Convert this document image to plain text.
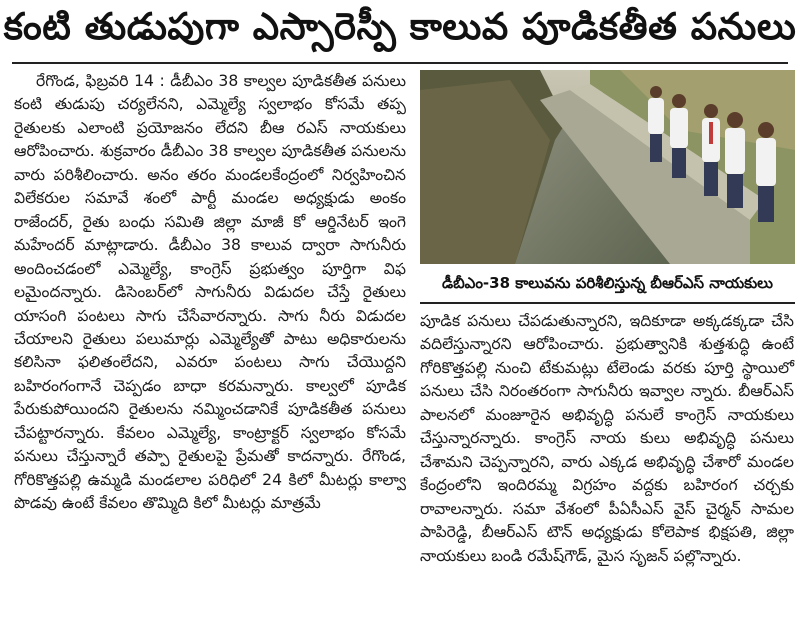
కంటి తుడుపుగా ఎస్సారెస్పీ కాలువ పూడికతీత పనులు

రేగొండ, ఫిబ్రవరి 14 : డీబీఎం 38 కాల్వల పూడికతీత పనులు కంటి తుడుపు చర్యలేనని, ఎమ్మెల్యే స్వలాభం కోసమే తప్ప రైతులకు ఎలాంటి ప్రయోజనం లేదని బీఆ రఎస్ నాయకులు ఆరోపించారు. శుక్రవారం డీబీఎం 38 కాల్వల పూడికతీత పనులను వారు పరిశీలించారు. అనం తరం మండలకేంద్రంలో నిర్వహించిన విలేకరుల సమావే శంలో పార్టీ మండల అధ్యక్షుడు అంకం రాజేందర్, రైతు బంధు సమితి జిల్లా మాజీ కో ఆర్డినేటర్ ఇంగె మహేందర్ మాట్లాడారు. డీబీఎం 38 కాలువ ద్వారా సాగునీరు అందించడంలో ఎమ్మెల్యే, కాంగ్రెస్ ప్రభుత్వం పూర్తిగా విఫ లమైందన్నారు. డిసెంబర్‌లో సాగునీరు విడుదల చేస్తే రైతులు యాసంగి పంటలు సాగు చేసేవారన్నారు. సాగు నీరు విడుదల చేయాలని రైతులు పలుమార్లు ఎమ్మెల్యేతో పాటు అధికారులను కలిసినా ఫలితంలేదని, ఎవరూ పంటలు సాగు చేయొద్దని బహిరంగంగానే చెప్పడం బాధా కరమన్నారు. కాల్వలో పూడిక పేరుకుపోయిందని రైతులను నమ్మించడానికే పూడికతీత పనులు చేపట్టారన్నారు. కేవలం ఎమ్మెల్యే, కాంట్రాక్టర్ స్వలాభం కోసమే పనులు చేస్తున్నారే తప్పా రైతులపై ప్రేమతో కాదన్నారు. రేగొండ, గోరికొత్తపల్లి ఉమ్మడి మండలాల పరిధిలో 24 కిలో మీటర్లు కాల్వా పొడవు ఉంటే కేవలం తొమ్మిది కిలో మీటర్లు మాత్రమే

డీబీఎం-38 కాలువను పరిశీలిస్తున్న బీఆర్ఎస్ నాయకులు

పూడిక పనులు చేపడుతున్నారని, ఇదికూడా అక్కడక్కడా చేసి వదిలేస్తున్నారని ఆరోపించారు. ప్రభుత్వానికి శుత్తశుద్ధి ఉంటే గోరికొత్తపల్లి నుంచి టేకుమట్లు టేలెండు వరకు పూర్తి స్థాయిలో పనులు చేసి నిరంతరంగా సాగునీరు ఇవ్వాల న్నారు. బీఆర్ఎస్ పాలనలో మంజూరైన అభివృద్ధి పనులే కాంగ్రెస్ నాయకులు చేస్తున్నారన్నారు. కాంగ్రెస్ నాయ కులు అభివృద్ధి పనులు చేశామని చెప్పన్నారని, వారు ఎక్కడ అభివృద్ధి చేశారో మండల కేంద్రంలోని ఇందిరమ్మ విగ్రహం వద్దకు బహిరంగ చర్చకు రావాలన్నారు. సమా వేశంలో పీఏసీఎస్ వైస్ చైర్మన్ సామల పాపిరెడ్డి, బీఆర్ఎస్ టౌన్ అధ్యక్షుడు కోలెపాక భిక్షపతి, జిల్లా నాయకులు బండి రమేష్‌గౌడ్, మైస సృజన్ పల్లొన్నారు.
